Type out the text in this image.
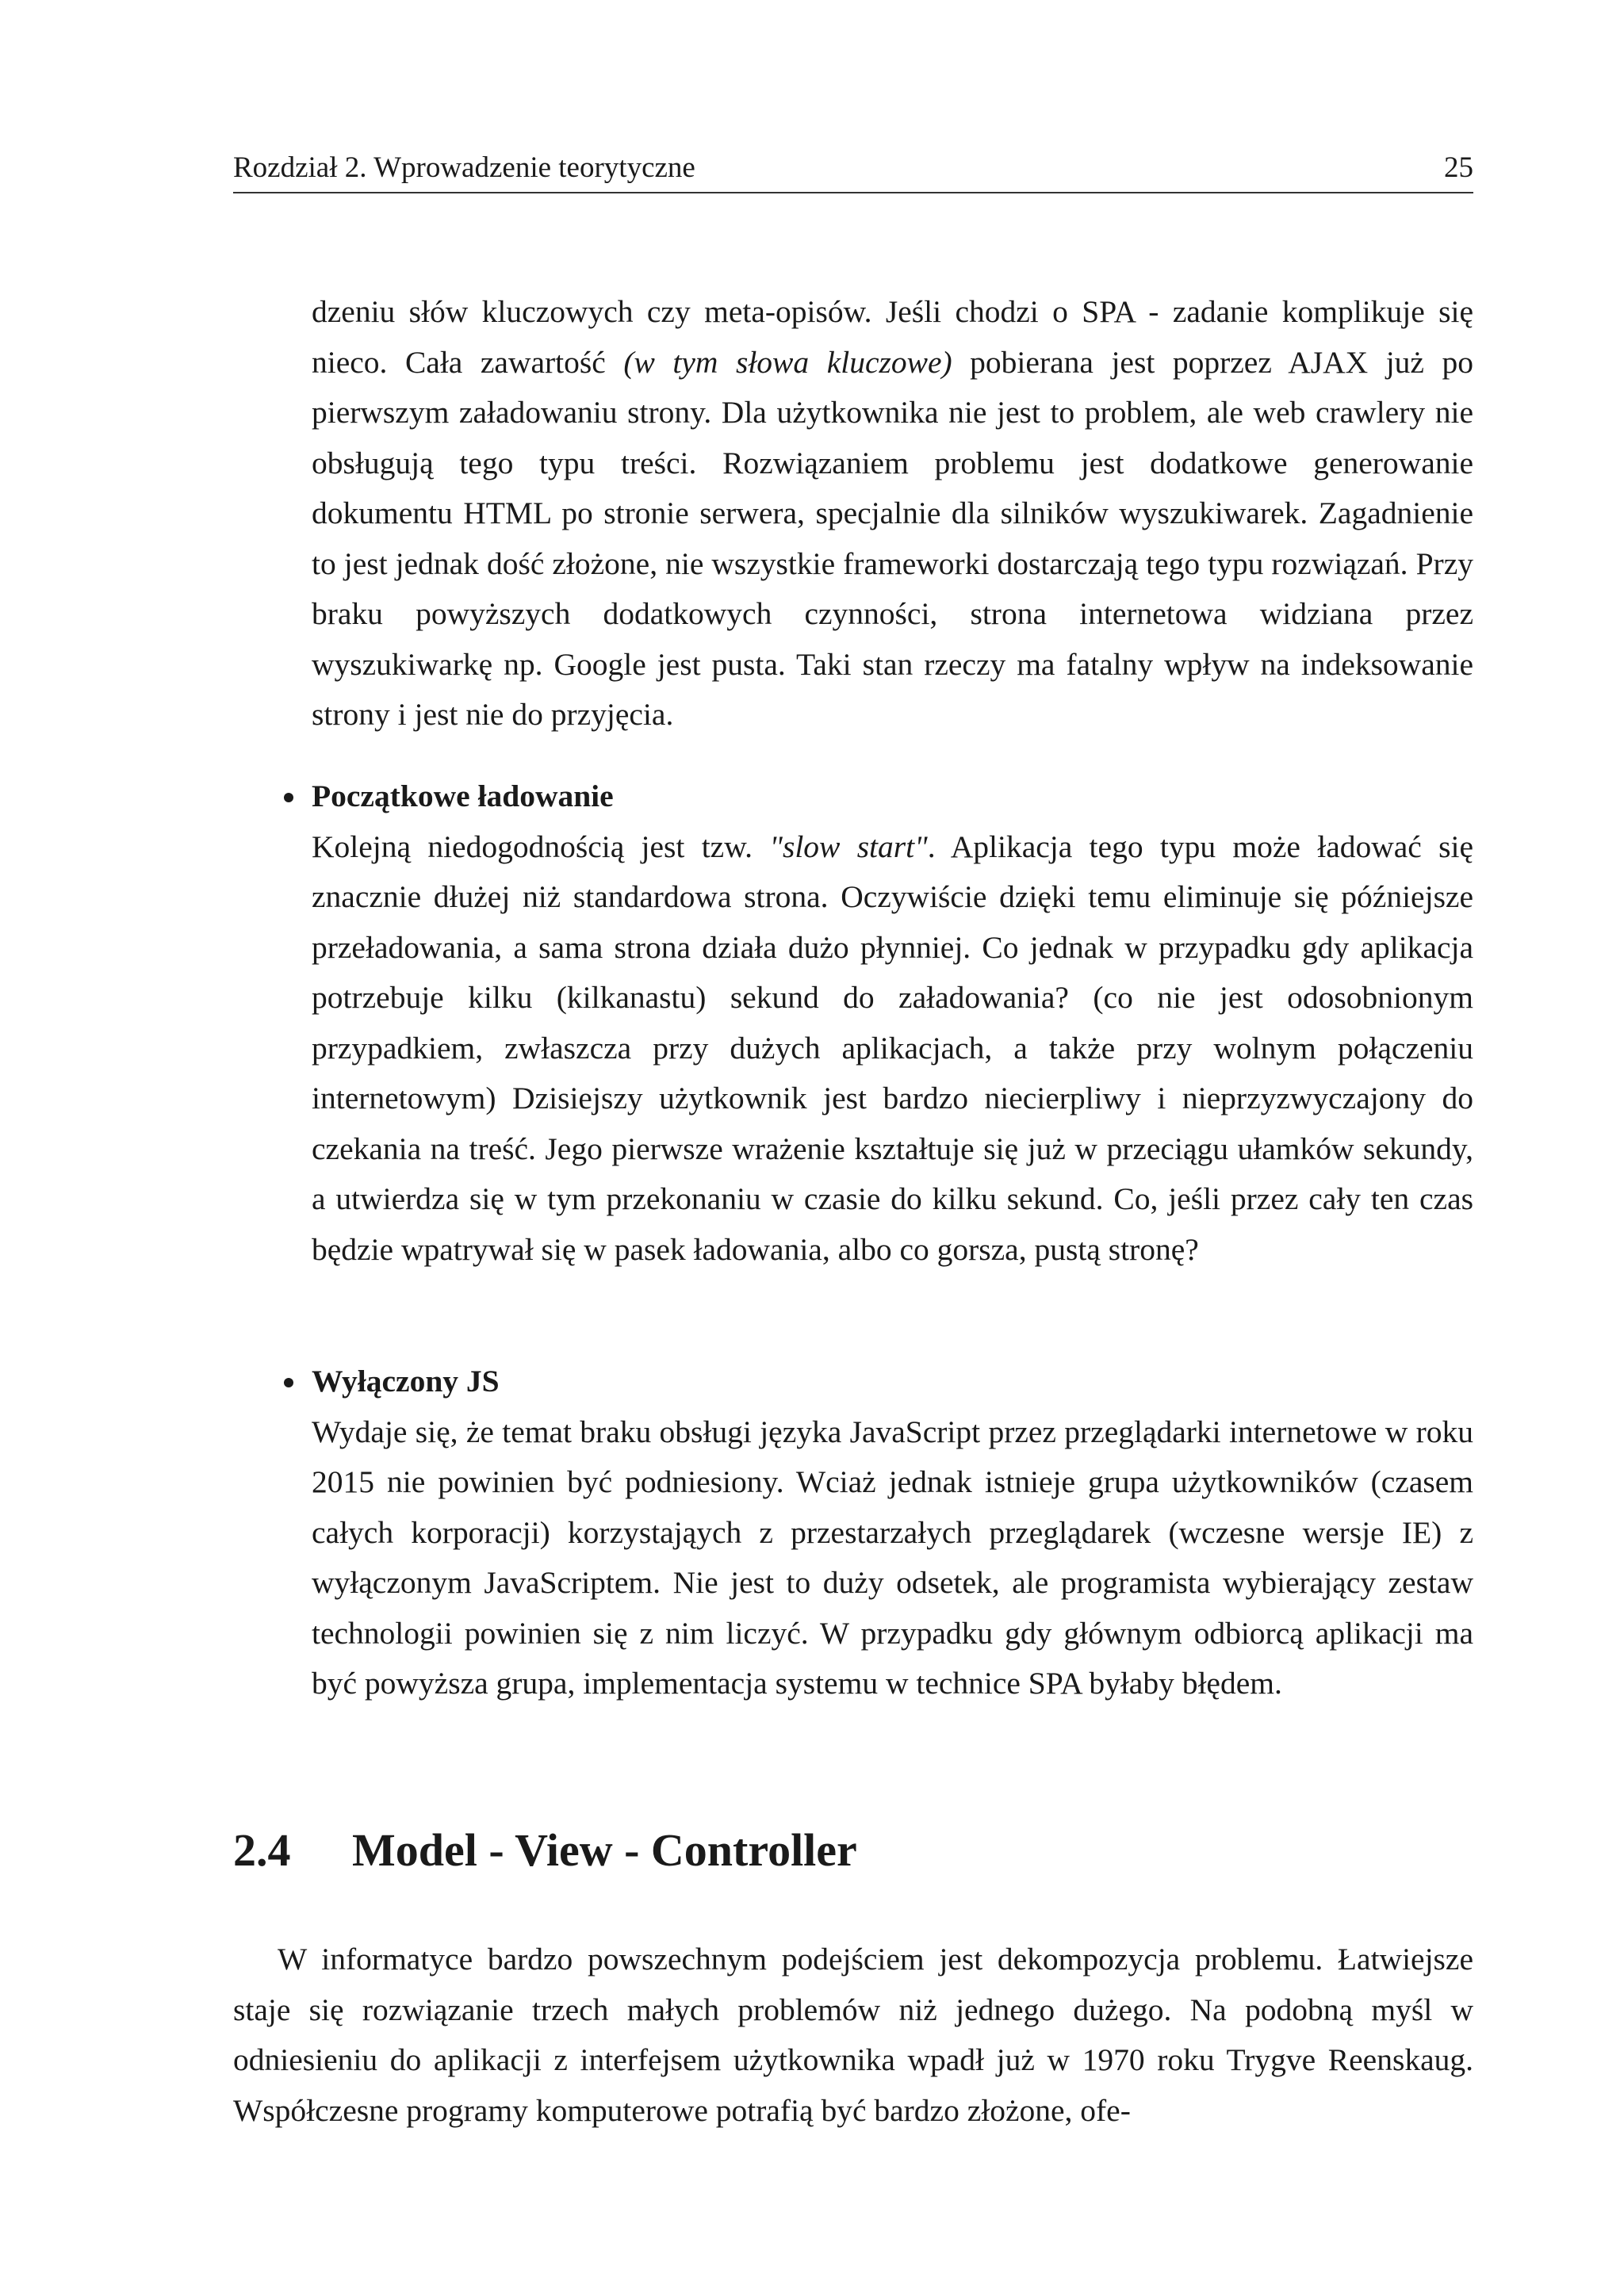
Rozdział 2. Wprowadzenie teorytyczne	25
dzeniu słów kluczowych czy meta-opisów. Jeśli chodzi o SPA - zadanie komplikuje się nieco. Cała zawartość (w tym słowa kluczowe) pobierana jest poprzez AJAX już po pierwszym załadowaniu strony. Dla użytkownika nie jest to problem, ale web crawlery nie obsługują tego typu treści. Rozwiązaniem problemu jest dodatkowe generowanie dokumentu HTML po stronie serwera, specjalnie dla silników wyszukiwarek. Zagadnienie to jest jednak dość złożone, nie wszystkie frameworki dostarczają tego typu rozwiązań. Przy braku powyższych dodatkowych czynności, strona internetowa widziana przez wyszukiwarkę np. Google jest pusta. Taki stan rzeczy ma fatalny wpływ na indeksowanie strony i jest nie do przyjęcia.
Początkowe ładowanie
Kolejną niedogodnością jest tzw. "slow start". Aplikacja tego typu może ładować się znacznie dłużej niż standardowa strona. Oczywiście dzięki temu eliminuje się późniejsze przeładowania, a sama strona działa dużo płynniej. Co jednak w przypadku gdy aplikacja potrzebuje kilku (kilkanastu) sekund do załadowania? (co nie jest odosobnionym przypadkiem, zwłaszcza przy dużych aplikacjach, a także przy wolnym połączeniu internetowym) Dzisiejszy użytkownik jest bardzo niecierpliwy i nieprzyzwyczajony do czekania na treść. Jego pierwsze wrażenie kształtuje się już w przeciągu ułamków sekundy, a utwierdza się w tym przekonaniu w czasie do kilku sekund. Co, jeśli przez cały ten czas będzie wpatrywał się w pasek ładowania, albo co gorsza, pustą stronę?
Wyłączony JS
Wydaje się, że temat braku obsługi języka JavaScript przez przeglądarki internetowe w roku 2015 nie powinien być podniesiony. Wciaż jednak istnieje grupa użytkowników (czasem całych korporacji) korzystająych z przestarzałych przeglądarek (wczesne wersje IE) z wyłączonym JavaScriptem. Nie jest to duży odsetek, ale programista wybierający zestaw technologii powinien się z nim liczyć. W przypadku gdy głównym odbiorcą aplikacji ma być powyższa grupa, implementacja systemu w technice SPA byłaby błędem.
2.4	Model - View - Controller
W informatyce bardzo powszechnym podejściem jest dekompozycja problemu. Łatwiejsze staje się rozwiązanie trzech małych problemów niż jednego dużego. Na podobną myśl w odniesieniu do aplikacji z interfejsem użytkownika wpadł już w 1970 roku Trygve Reenskaug. Współczesne programy komputerowe potrafią być bardzo złożone, ofe-
